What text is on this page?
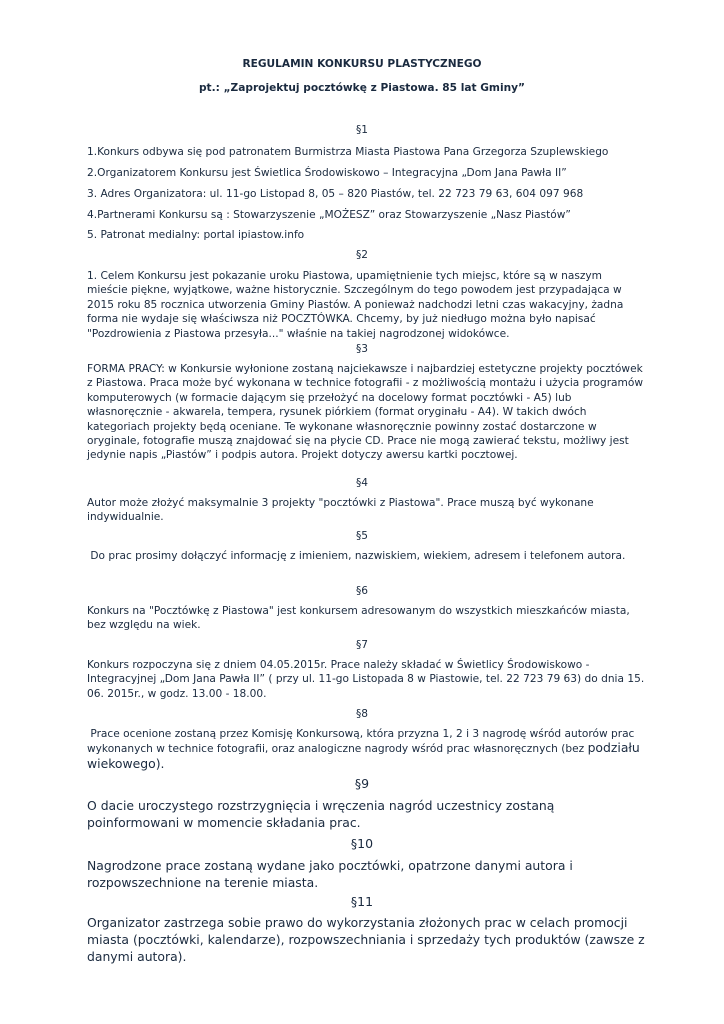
REGULAMIN KONKURSU PLASTYCZNEGO
pt.: „Zaprojektuj pocztówkę z Piastowa. 85 lat Gminy”

§1

1.Konkurs odbywa się pod patronatem Burmistrza Miasta Piastowa Pana Grzegorza Szuplewskiego

2.Organizatorem Konkursu jest Świetlica Środowiskowo – Integracyjna „Dom Jana Pawła II”

3. Adres Organizatora: ul. 11-go Listopad 8, 05 – 820 Piastów, tel. 22 723 79 63, 604 097 968

4.Partnerami Konkursu są : Stowarzyszenie „MOŻESZ” oraz Stowarzyszenie „Nasz Piastów”

5. Patronat medialny: portal ipiastow.info

§2

1. Celem Konkursu jest pokazanie uroku Piastowa, upamiętnienie tych miejsc, które są w naszym mieście piękne, wyjątkowe, ważne historycznie. Szczególnym do tego powodem jest przypadająca w 2015 roku 85 rocznica utworzenia Gminy Piastów. A ponieważ nadchodzi letni czas wakacyjny, żadna forma nie wydaje się właściwsza niż POCZTÓWKA. Chcemy, by już niedługo można było napisać "Pozdrowienia z Piastowa przesyła..." właśnie na takiej nagrodzonej widokówce.

§3

FORMA PRACY: w Konkursie wyłonione zostaną najciekawsze i najbardziej estetyczne projekty pocztówek z Piastowa. Praca może być wykonana w technice fotografii - z możliwością montażu i użycia programów komputerowych (w formacie dającym się przełożyć na docelowy format pocztówki - A5) lub własnoręcznie - akwarela, tempera, rysunek piórkiem (format oryginału - A4). W takich dwóch kategoriach projekty będą oceniane. Te wykonane własnoręcznie powinny zostać dostarczone w oryginale, fotografie muszą znajdować się na płycie CD. Prace nie mogą zawierać tekstu, możliwy jest jedynie napis „Piastów” i podpis autora. Projekt dotyczy awersu kartki pocztowej.

§4

Autor może złożyć maksymalnie 3 projekty "pocztówki z Piastowa". Prace muszą być wykonane indywidualnie.

§5

Do prac prosimy dołączyć informację z imieniem, nazwiskiem, wiekiem, adresem i telefonem autora.

§6

Konkurs na "Pocztówkę z Piastowa" jest konkursem adresowanym do wszystkich mieszkańców miasta, bez względu na wiek.

§7

Konkurs rozpoczyna się z dniem 04.05.2015r. Prace należy składać w Świetlicy Środowiskowo - Integracyjnej „Dom Jana Pawła II” ( przy ul. 11-go Listopada 8 w Piastowie, tel. 22 723 79 63) do dnia 15. 06. 2015r., w godz. 13.00 - 18.00.

§8

Prace ocenione zostaną przez Komisję Konkursową, która przyzna 1, 2 i 3 nagrodę wśród autorów prac wykonanych w technice fotografii, oraz analogiczne nagrody wśród prac własnoręcznych (bez podziału wiekowego).

§9

O dacie uroczystego rozstrzygnięcia i wręczenia nagród uczestnicy zostaną poinformowani w momencie składania prac.

§10

Nagrodzone prace zostaną wydane jako pocztówki, opatrzone danymi autora i rozpowszechnione na terenie miasta.

§11

Organizator zastrzega sobie prawo do wykorzystania złożonych prac w celach promocji miasta (pocztówki, kalendarze), rozpowszechniania i sprzedaży tych produktów (zawsze z danymi autora).
